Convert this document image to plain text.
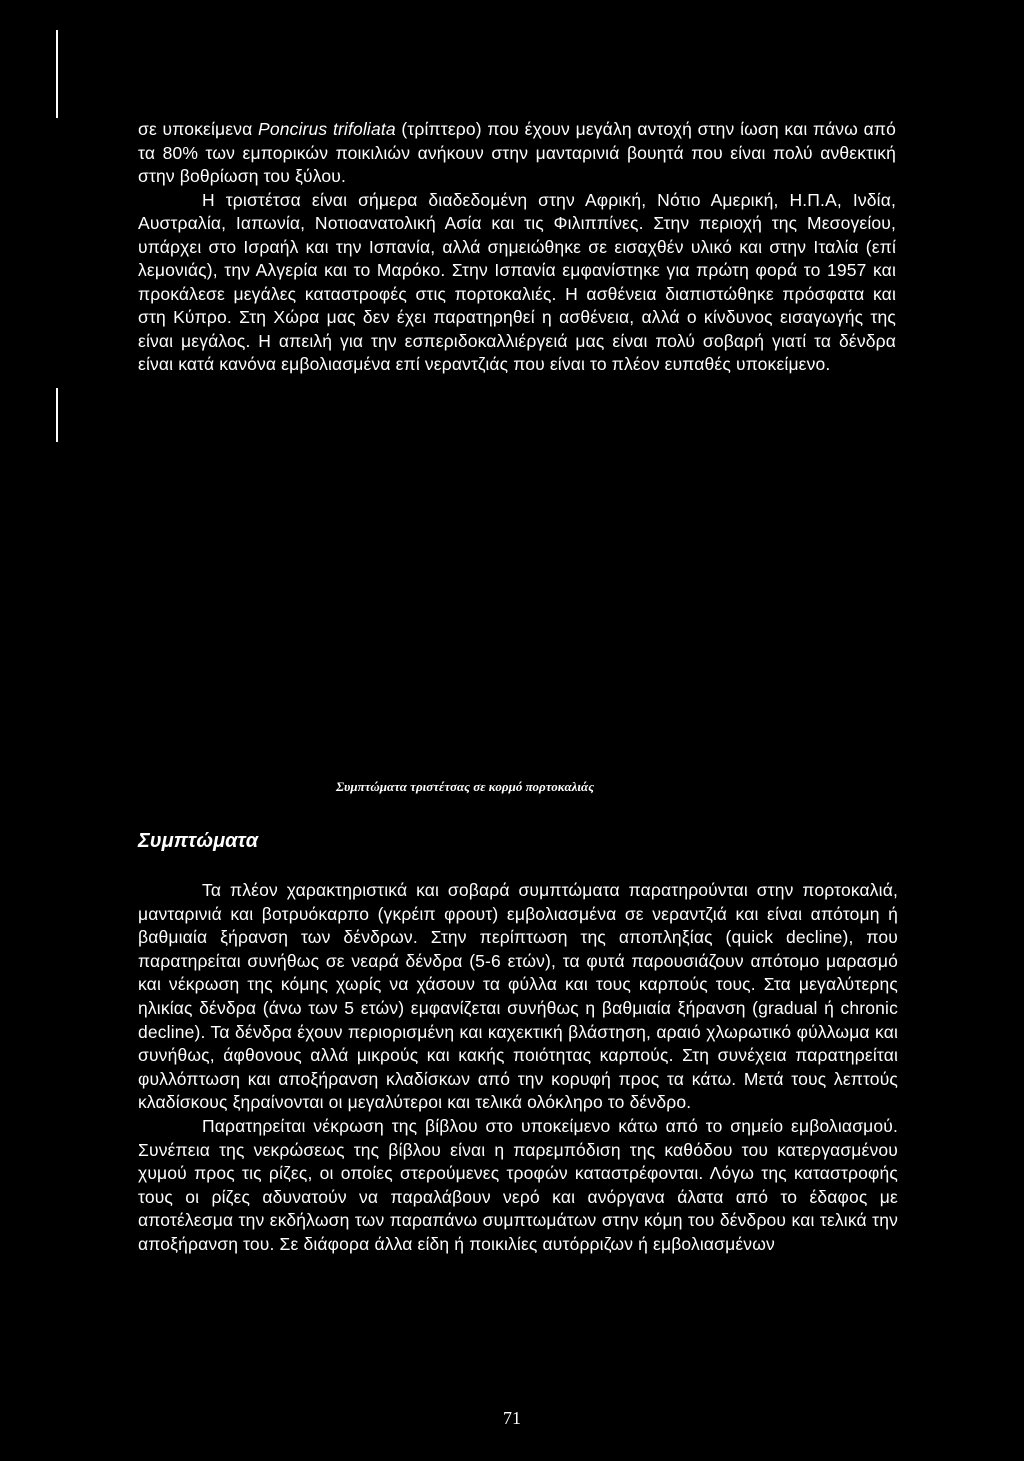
σε υποκείμενα Poncirus trifoliata (τρίπτερο) που έχουν μεγάλη αντοχή στην ίωση και πάνω από τα 80% των εμπορικών ποικιλιών ανήκουν στην μανταρινιά βουητά που είναι πολύ ανθεκτική στην βοθρίωση του ξύλου.
Η τριστέτσα είναι σήμερα διαδεδομένη στην Αφρική, Νότιο Αμερική, Η.Π.Α, Ινδία, Αυστραλία, Ιαπωνία, Νοτιοανατολική Ασία και τις Φιλιππίνες. Στην περιοχή της Μεσογείου, υπάρχει στο Ισραήλ και την Ισπανία, αλλά σημειώθηκε σε εισαχθέν υλικό και στην Ιταλία (επί λεμονιάς), την Αλγερία και το Μαρόκο. Στην Ισπανία εμφανίστηκε για πρώτη φορά το 1957 και προκάλεσε μεγάλες καταστροφές στις πορτοκαλιές. Η ασθένεια διαπιστώθηκε πρόσφατα και στη Κύπρο. Στη Χώρα μας δεν έχει παρατηρηθεί η ασθένεια, αλλά ο κίνδυνος εισαγωγής της είναι μεγάλος. Η απειλή για την εσπεριδοκαλλιέργειά μας είναι πολύ σοβαρή γιατί τα δένδρα είναι κατά κανόνα εμβολιασμένα επί νεραντζιάς που είναι το πλέον ευπαθές υποκείμενο.

Συμπτώματα τριστέτσας σε κορμό πορτοκαλιάς

Συμπτώματα

Τα πλέον χαρακτηριστικά και σοβαρά συμπτώματα παρατηρούνται στην πορτοκαλιά, μανταρινιά και βοτρυόκαρπο (γκρέιπ φρουτ) εμβολιασμένα σε νεραντζιά και είναι απότομη ή βαθμιαία ξήρανση των δένδρων. Στην περίπτωση της αποπληξίας (quick decline), που παρατηρείται συνήθως σε νεαρά δένδρα (5-6 ετών), τα φυτά παρουσιάζουν απότομο μαρασμό και νέκρωση της κόμης χωρίς να χάσουν τα φύλλα και τους καρπούς τους. Στα μεγαλύτερης ηλικίας δένδρα (άνω των 5 ετών) εμφανίζεται συνήθως η βαθμιαία ξήρανση (gradual ή chronic decline). Τα δένδρα έχουν περιορισμένη και καχεκτική βλάστηση, αραιό χλωρωτικό φύλλωμα και συνήθως, άφθονους αλλά μικρούς και κακής ποιότητας καρπούς. Στη συνέχεια παρατηρείται φυλλόπτωση και αποξήρανση κλαδίσκων από την κορυφή προς τα κάτω. Μετά τους λεπτούς κλαδίσκους ξηραίνονται οι μεγαλύτεροι και τελικά ολόκληρο το δένδρο.
Παρατηρείται νέκρωση της βίβλου στο υποκείμενο κάτω από το σημείο εμβολιασμού. Συνέπεια της νεκρώσεως της βίβλου είναι η παρεμπόδιση της καθόδου του κατεργασμένου χυμού προς τις ρίζες, οι οποίες στερούμενες τροφών καταστρέφονται. Λόγω της καταστροφής τους οι ρίζες αδυνατούν να παραλάβουν νερό και ανόργανα άλατα από το έδαφος με αποτέλεσμα την εκδήλωση των παραπάνω συμπτωμάτων στην κόμη του δένδρου και τελικά την αποξήρανση του. Σε διάφορα άλλα είδη ή ποικιλίες αυτόρριζων ή εμβολιασμένων

71
